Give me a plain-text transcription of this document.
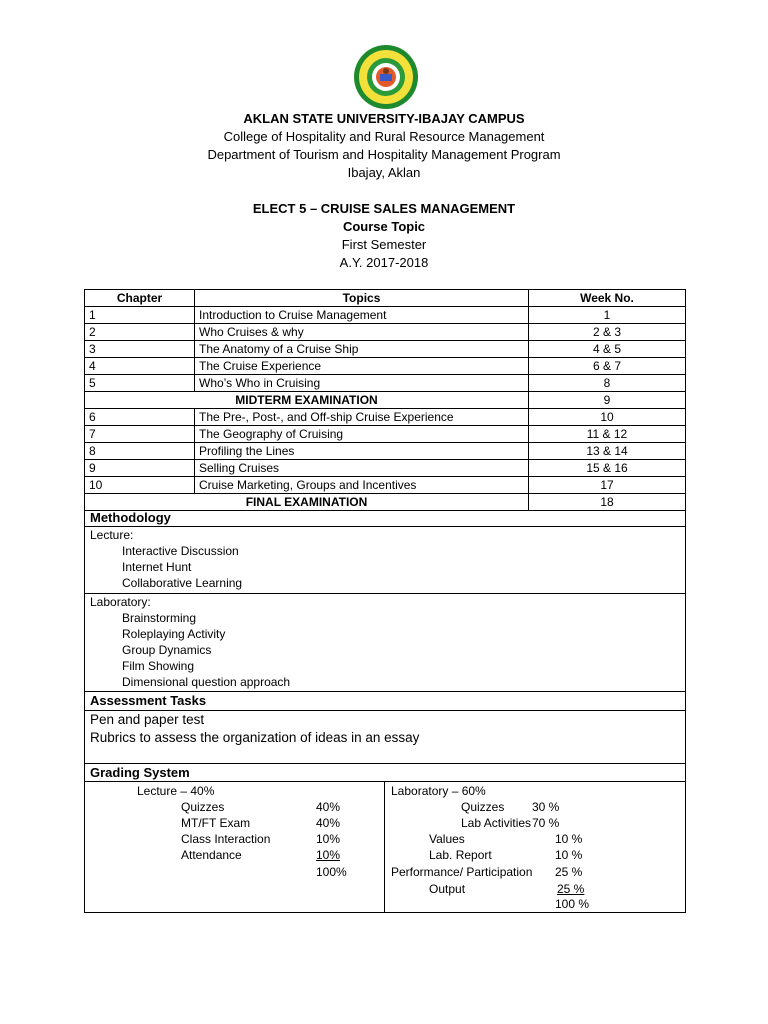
AKLAN STATE UNIVERSITY-IBAJAY CAMPUS
College of Hospitality and Rural Resource Management
Department of Tourism and Hospitality Management Program
Ibajay, Aklan
ELECT 5 – CRUISE SALES MANAGEMENT
Course Topic
First Semester
A.Y. 2017-2018
Chapter	Topics	Week No.
1	Introduction to Cruise Management	1
2	Who Cruises & why	2 & 3
3	The Anatomy of a Cruise Ship	4 & 5
4	The Cruise Experience	6 & 7
5	Who’s Who in Cruising	8
MIDTERM EXAMINATION		9
6	The Pre-, Post-, and Off-ship Cruise Experience	10
7	The Geography of Cruising	11 & 12
8	Profiling the Lines	13 & 14
9	Selling Cruises	15 & 16
10	Cruise Marketing, Groups and Incentives	17
FINAL EXAMINATION		18
Methodology
Lecture:
Interactive Discussion
Internet Hunt
Collaborative Learning
Laboratory:
Brainstorming
Roleplaying Activity
Group Dynamics
Film Showing
Dimensional question approach
Assessment Tasks
Pen and paper test
Rubrics to assess the organization of ideas in an essay
Grading System
Lecture – 40%
Quizzes	40%
MT/FT Exam	40%
Class Interaction	10%
Attendance	10%
100%
Laboratory – 60%
Quizzes 30 %
Lab Activities 70 %
Values	10 %
Lab. Report	10 %
Performance/ Participation 25 %
Output	25 %
100 %
